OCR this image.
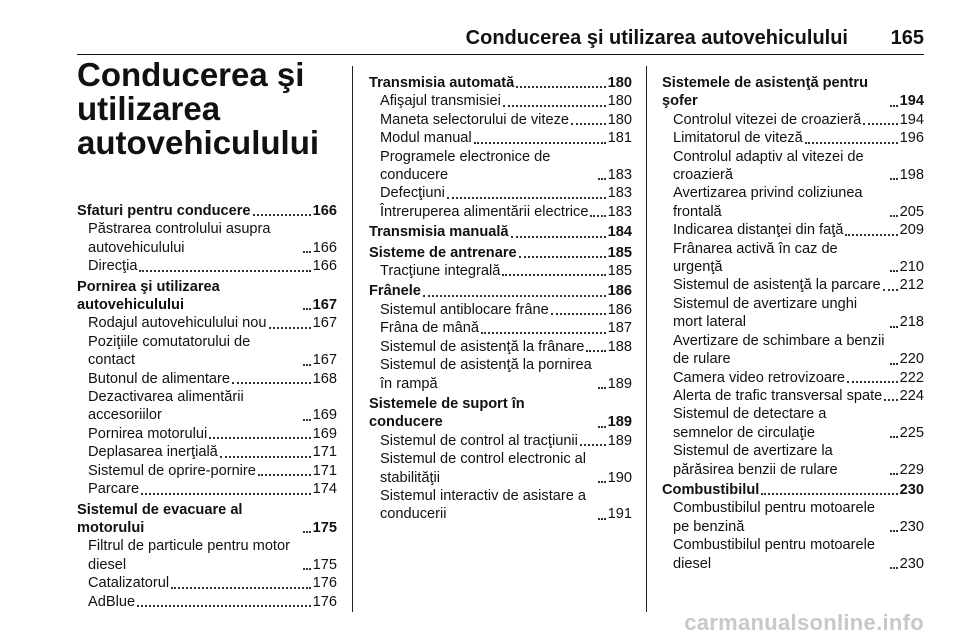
Conducerea şi utilizarea autovehiculului 165
Conducerea şi utilizarea autovehiculului
Sfaturi pentru conducere	166
Păstrarea controlului asupra autovehiculului	166
Direcţia	166
Pornirea şi utilizarea autovehiculului	167
Rodajul autovehiculului nou	167
Poziţiile comutatorului de contact	167
Butonul de alimentare	168
Dezactivarea alimentării accesoriilor	169
Pornirea motorului	169
Deplasarea inerţială	171
Sistemul de oprire-pornire	171
Parcare	174
Sistemul de evacuare al motorului	175
Filtrul de particule pentru motor diesel	175
Catalizatorul	176
AdBlue	176
Transmisia automată	180
Afişajul transmisiei	180
Maneta selectorului de viteze	180
Modul manual	181
Programele electronice de conducere	183
Defecţiuni	183
Întreruperea alimentării electrice 183
Transmisia manuală	184
Sisteme de antrenare	185
Tracţiune integrală	185
Frânele	186
Sistemul antiblocare frâne	186
Frâna de mână	187
Sistemul de asistenţă la frânare 188
Sistemul de asistenţă la pornirea în rampă	189
Sistemele de suport în conducere	189
Sistemul de control al tracţiunii 189
Sistemul de control electronic al stabilităţii	190
Sistemul interactiv de asistare a conducerii	191
Sistemele de asistenţă pentru şofer	194
Controlul vitezei de croazieră	194
Limitatorul de viteză	196
Controlul adaptiv al vitezei de croazieră	198
Avertizarea privind coliziunea frontală	205
Indicarea distanţei din faţă	209
Frânarea activă în caz de urgenţă	210
Sistemul de asistenţă la parcare 212
Sistemul de avertizare unghi mort lateral	218
Avertizare de schimbare a benzii de rulare	220
Camera video retrovizoare	222
Alerta de trafic transversal spate 224
Sistemul de detectare a semnelor de circulaţie	225
Sistemul de avertizare la părăsirea benzii de rulare	229
Combustibilul	230
Combustibilul pentru motoarele pe benzină	230
Combustibilul pentru motoarele diesel	230
carmanualsonline.info
